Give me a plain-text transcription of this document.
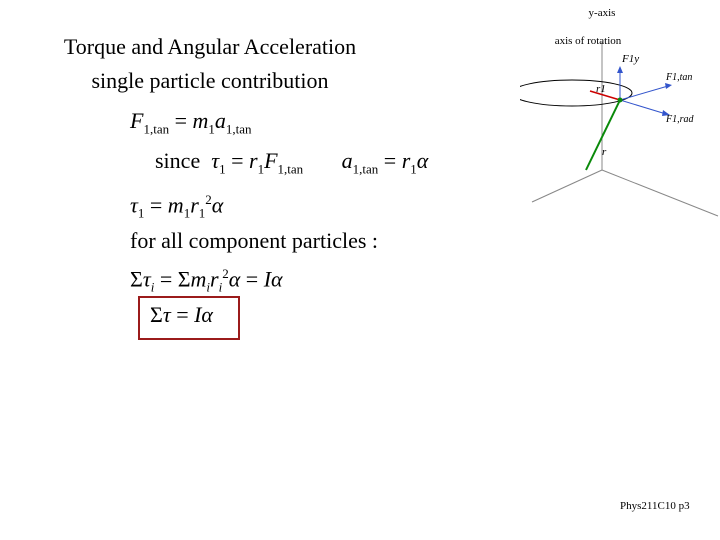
Torque and Angular Acceleration
single particle contribution
$F_{1,tan} = m_1a_{1,tan}$
since $\tau_1 = r_1F_{1,tan}$ $a_{1,tan} = r_1\alpha$
$\tau_1 = m_1r_1^2\alpha$
for all component particles :
$\Sigma\tau_i = \Sigma m_ir_i^2\alpha = I\alpha$
Στ = Iα
y-axis
axis of rotation
F1y
F1,tan
F1,rad
r1
r
Phys211C10 p3
